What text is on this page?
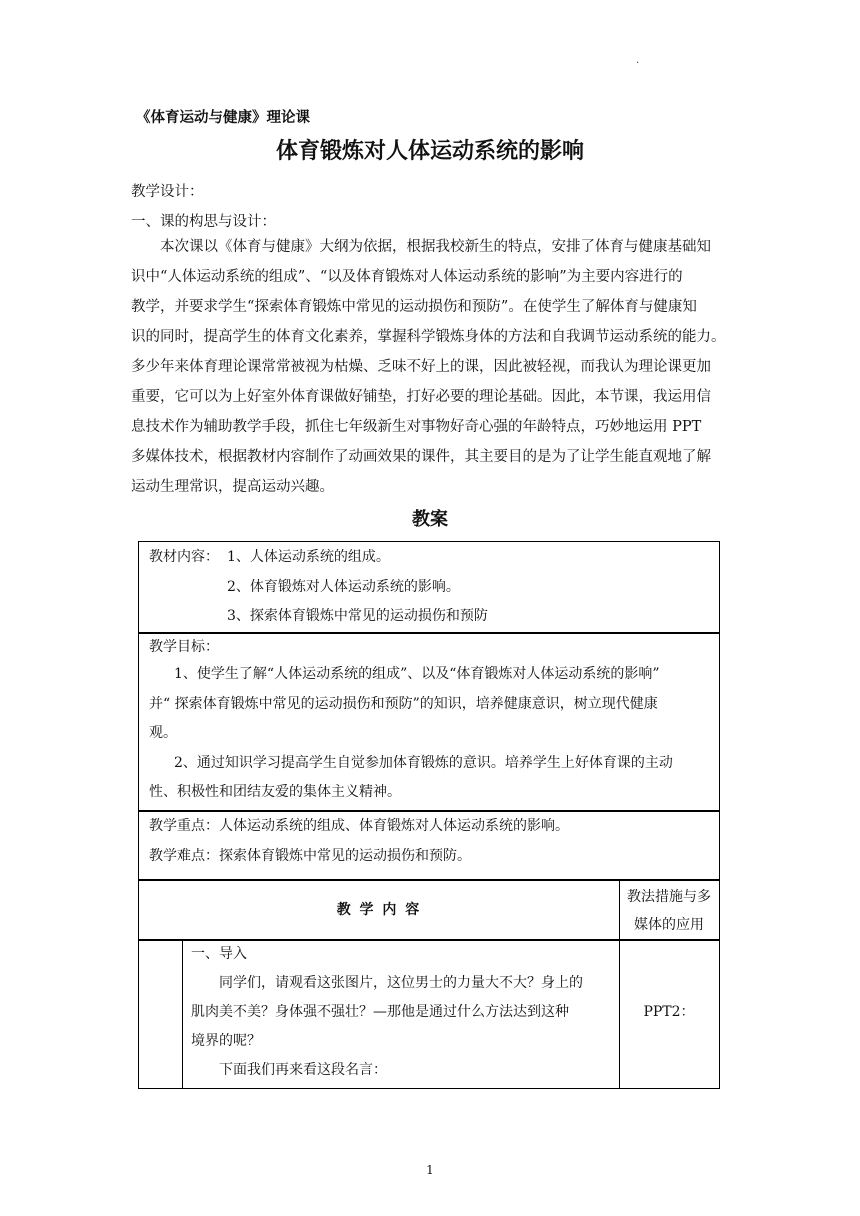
·
《体育运动与健康》理论课
体育锻炼对人体运动系统的影响
教学设计：
一、课的构思与设计：
本次课以《体育与健康》大纲为依据，根据我校新生的特点，安排了体育与健康基础知
识中“人体运动系统的组成”、“以及体育锻炼对人体运动系统的影响”为主要内容进行的
教学，并要求学生“探索体育锻炼中常见的运动损伤和预防”。在使学生了解体育与健康知
识的同时，提高学生的体育文化素养，掌握科学锻炼身体的方法和自我调节运动系统的能力。
多少年来体育理论课常常被视为枯燥、乏味不好上的课，因此被轻视，而我认为理论课更加
重要，它可以为上好室外体育课做好铺垫，打好必要的理论基础。因此，本节课，我运用信
息技术作为辅助教学手段，抓住七年级新生对事物好奇心强的年龄特点，巧妙地运用 PPT
多媒体技术，根据教材内容制作了动画效果的课件，其主要目的是为了让学生能直观地了解
运动生理常识，提高运动兴趣。
教案
教材内容： 1、人体运动系统的组成。
2、体育锻炼对人体运动系统的影响。
3、探索体育锻炼中常见的运动损伤和预防
教学目标：
1、使学生了解“人体运动系统的组成”、以及“体育锻炼对人体运动系统的影响”
并“ 探索体育锻炼中常见的运动损伤和预防”的知识，培养健康意识，树立现代健康
观。
2、通过知识学习提高学生自觉参加体育锻炼的意识。培养学生上好体育课的主动
性、积极性和团结友爱的集体主义精神。
教学重点：人体运动系统的组成、体育锻炼对人体运动系统的影响。
教学难点：探索体育锻炼中常见的运动损伤和预防。
教 学 内 容
教法措施与多
媒体的应用
一、导入
同学们，请观看这张图片，这位男士的力量大不大？身上的
肌肉美不美？身体强不强壮？—那他是通过什么方法达到这种
境界的呢？
下面我们再来看这段名言：
PPT2：
1
